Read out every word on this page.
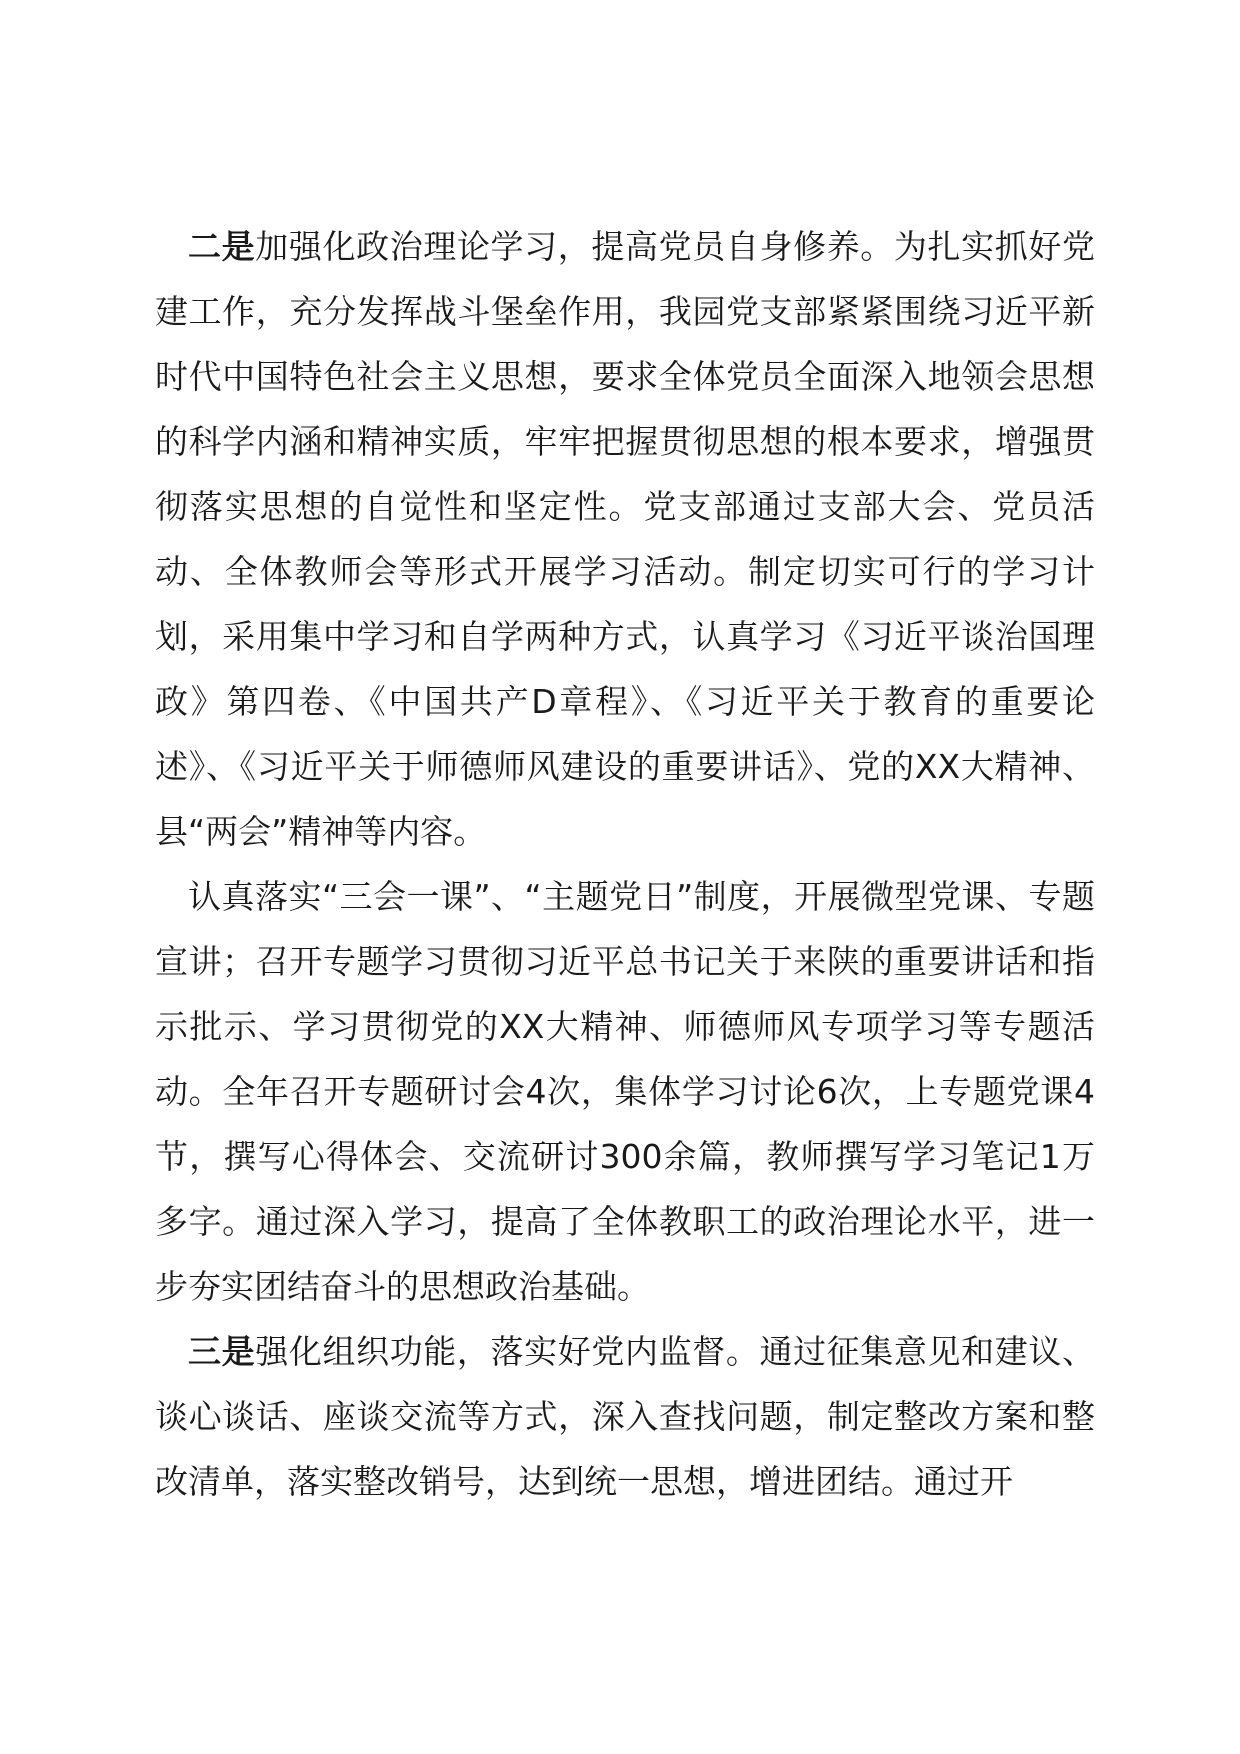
二是加强化政治理论学习，提高党员自身修养。为扎实抓好党建工作，充分发挥战斗堡垒作用，我园党支部紧紧围绕习近平新时代中国特色社会主义思想，要求全体党员全面深入地领会思想的科学内涵和精神实质，牢牢把握贯彻思想的根本要求，增强贯彻落实思想的自觉性和坚定性。党支部通过支部大会、党员活动、全体教师会等形式开展学习活动。制定切实可行的学习计划，采用集中学习和自学两种方式，认真学习《习近平谈治国理政》第四卷、《中国共产D章程》、《习近平关于教育的重要论述》、《习近平关于师德师风建设的重要讲话》、党的XX大精神、县“两会”精神等内容。

认真落实“三会一课”、“主题党日”制度，开展微型党课、专题宣讲；召开专题学习贯彻习近平总书记关于来陕的重要讲话和指示批示、学习贯彻党的XX大精神、师德师风专项学习等专题活动。全年召开专题研讨会4次，集体学习讨论6次，上专题党课4节，撰写心得体会、交流研讨300余篇，教师撰写学习笔记1万多字。通过深入学习，提高了全体教职工的政治理论水平，进一步夯实团结奋斗的思想政治基础。

三是强化组织功能，落实好党内监督。通过征集意见和建议、谈心谈话、座谈交流等方式，深入查找问题，制定整改方案和整改清单，落实整改销号，达到统一思想，增进团结。通过开
